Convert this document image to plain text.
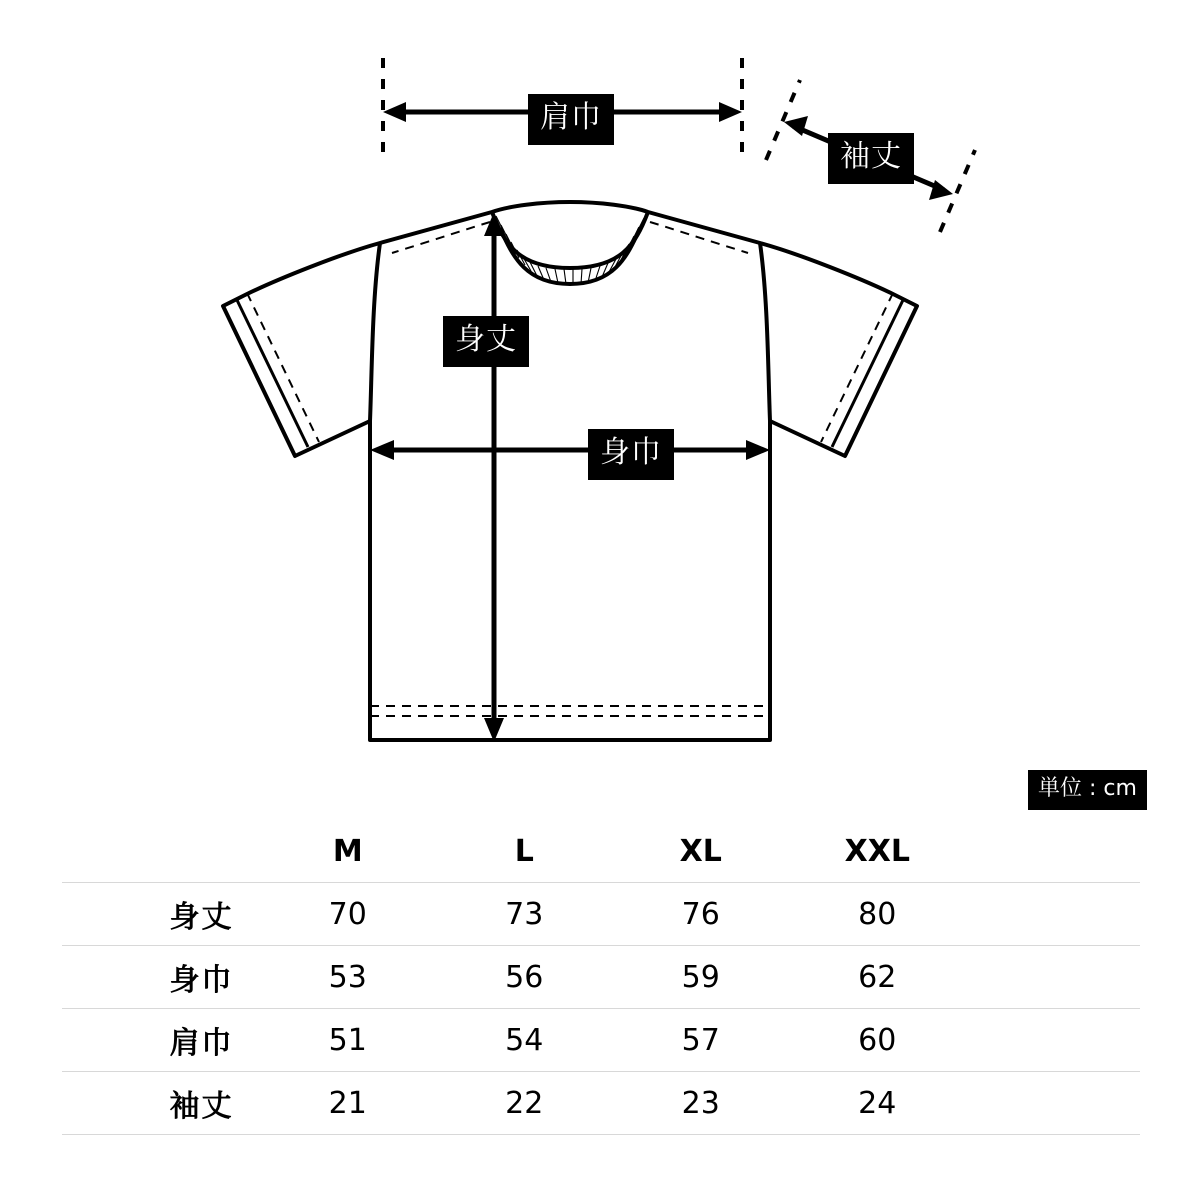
肩巾
袖丈
身丈
身巾
単位 : cm
	M	L	XL	XXL	
身丈	70	73	76	80	
身巾	53	56	59	62	
肩巾	51	54	57	60	
袖丈	21	22	23	24	
